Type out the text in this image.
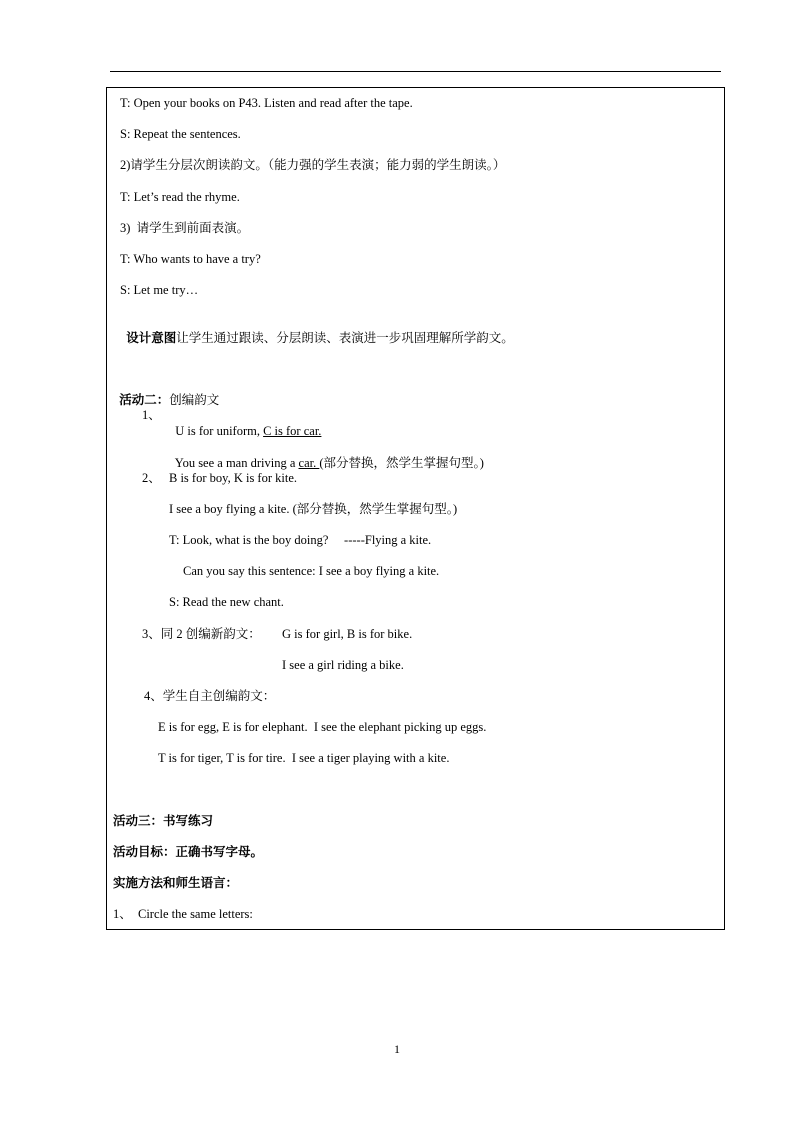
T: Open your books on P43. Listen and read after the tape.
S: Repeat the sentences.
2)请学生分层次朗读韵文。（能力强的学生表演；能力弱的学生朗读。）
T: Let’s read the rhyme.
3)  请学生到前面表演。
T: Who wants to have a try?
S: Let me try…

设计意图让学生通过跟读、分层朗读、表演进一步巩固理解所学韵文。

活动二：创编韵文

1、

U is for uniform, C is for car.

You see a man driving a car. (部分替换，然学生掌握句型。)

2、 B is for boy, K is for kite.
I see a boy flying a kite. (部分替换，然学生掌握句型。)
T: Look, what is the boy doing?     -----Flying a kite.
Can you say this sentence: I see a boy flying a kite.
S: Read the new chant.
3、同 2 创编新韵文： G is for girl, B is for bike.
I see a girl riding a bike.
4、学生自主创编韵文：
E is for egg, E is for elephant.  I see the elephant picking up eggs.
T is for tiger, T is for tire.  I see a tiger playing with a kite.
活动三：书写练习
活动目标：正确书写字母。
实施方法和师生语言：
1、  Circle the same letters:
1
